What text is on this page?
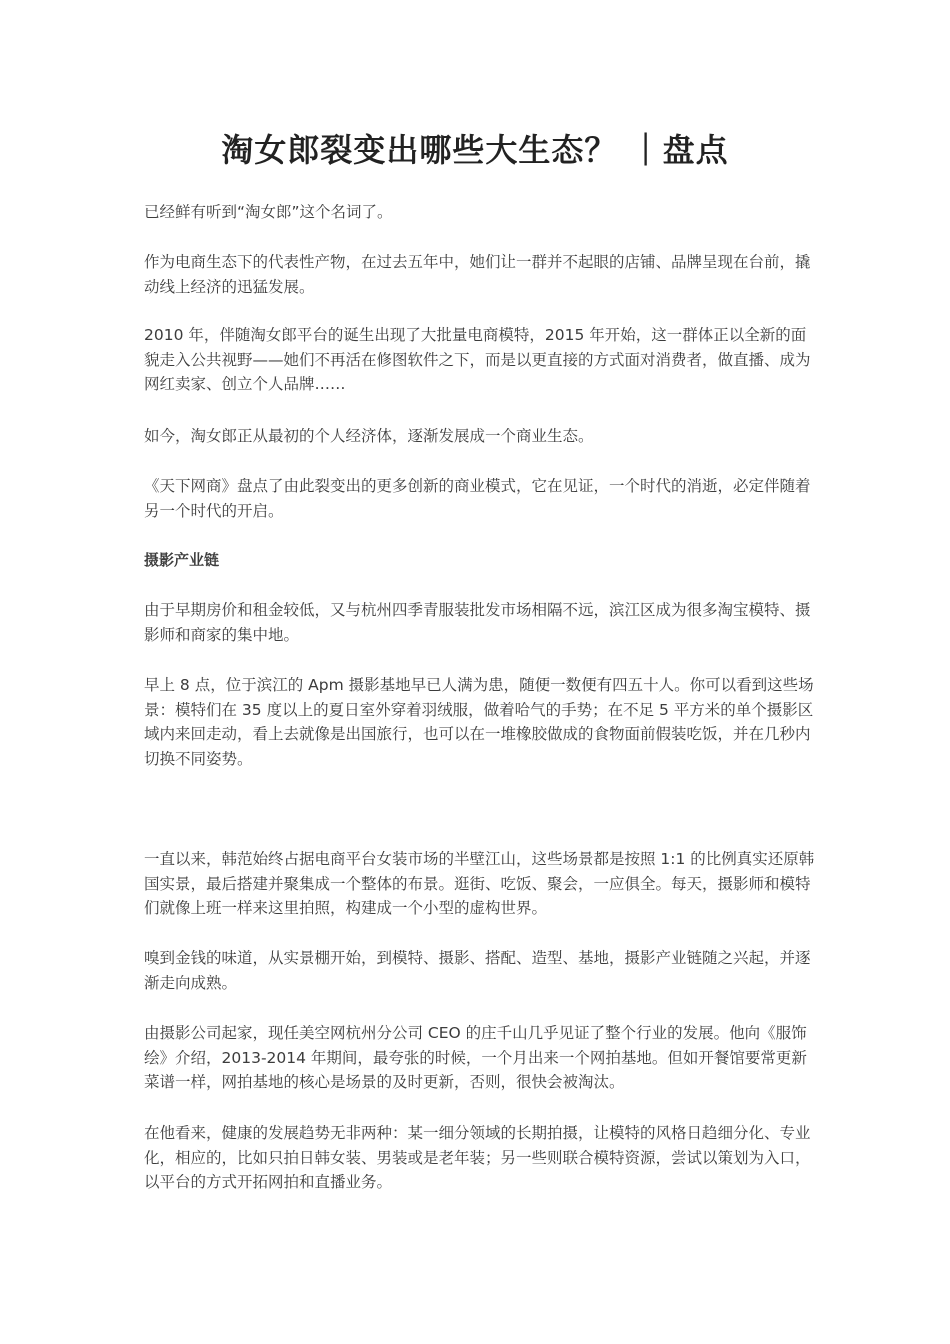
淘女郎裂变出哪些大生态？ ｜盘点

已经鲜有听到“淘女郎”这个名词了。

作为电商生态下的代表性产物，在过去五年中，她们让一群并不起眼的店铺、品牌呈现在台前，撬动线上经济的迅猛发展。

2010 年，伴随淘女郎平台的诞生出现了大批量电商模特，2015 年开始，这一群体正以全新的面貌走入公共视野——她们不再活在修图软件之下，而是以更直接的方式面对消费者，做直播、成为网红卖家、创立个人品牌……

如今，淘女郎正从最初的个人经济体，逐渐发展成一个商业生态。

《天下网商》盘点了由此裂变出的更多创新的商业模式，它在见证，一个时代的消逝，必定伴随着另一个时代的开启。

摄影产业链

由于早期房价和租金较低，又与杭州四季青服装批发市场相隔不远，滨江区成为很多淘宝模特、摄影师和商家的集中地。

早上 8 点，位于滨江的 Apm 摄影基地早已人满为患，随便一数便有四五十人。你可以看到这些场景：模特们在 35 度以上的夏日室外穿着羽绒服，做着哈气的手势；在不足 5 平方米的单个摄影区域内来回走动，看上去就像是出国旅行，也可以在一堆橡胶做成的食物面前假装吃饭，并在几秒内切换不同姿势。

一直以来，韩范始终占据电商平台女装市场的半壁江山，这些场景都是按照 1:1 的比例真实还原韩国实景，最后搭建并聚集成一个整体的布景。逛街、吃饭、聚会，一应俱全。每天，摄影师和模特们就像上班一样来这里拍照，构建成一个小型的虚构世界。

嗅到金钱的味道，从实景棚开始，到模特、摄影、搭配、造型、基地，摄影产业链随之兴起，并逐渐走向成熟。

由摄影公司起家，现任美空网杭州分公司 CEO 的庄千山几乎见证了整个行业的发展。他向《服饰绘》介绍，2013-2014 年期间，最夸张的时候，一个月出来一个网拍基地。但如开餐馆要常更新菜谱一样，网拍基地的核心是场景的及时更新，否则，很快会被淘汰。

在他看来，健康的发展趋势无非两种：某一细分领域的长期拍摄，让模特的风格日趋细分化、专业化，相应的，比如只拍日韩女装、男装或是老年装；另一些则联合模特资源，尝试以策划为入口，以平台的方式开拓网拍和直播业务。
